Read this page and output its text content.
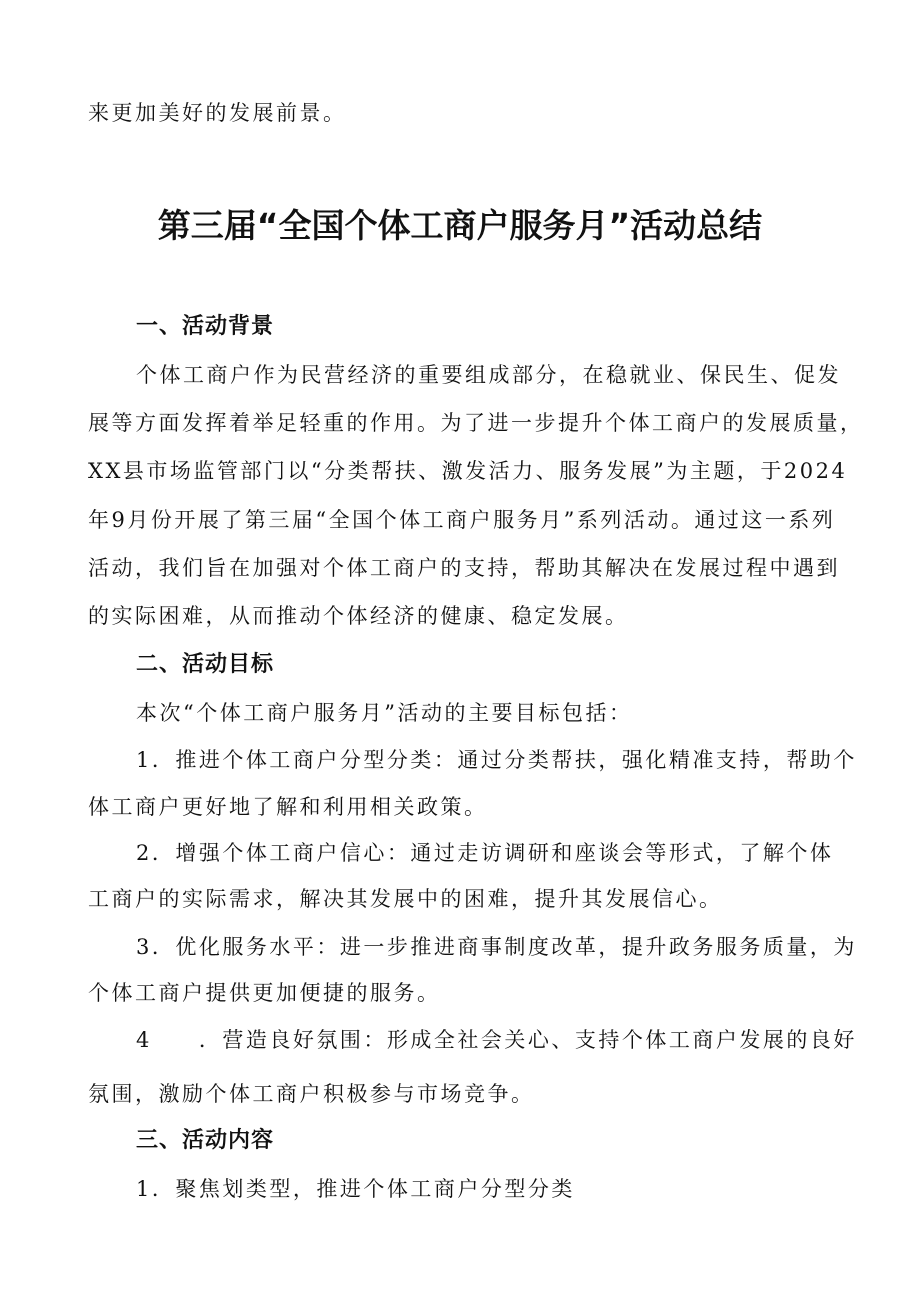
来更加美好的发展前景。

第三届“全国个体工商户服务月”活动总结
一、活动背景

个体工商户作为民营经济的重要组成部分，在稳就业、保民生、促发

展等方面发挥着举足轻重的作用。为了进一步提升个体工商户的发展质量，

XX县市场监管部门以“分类帮扶、激发活力、服务发展”为主题，于2024

年9月份开展了第三届“全国个体工商户服务月”系列活动。通过这一系列

活动，我们旨在加强对个体工商户的支持，帮助其解决在发展过程中遇到

的实际困难，从而推动个体经济的健康、稳定发展。

二、活动目标

本次“个体工商户服务月”活动的主要目标包括：

1．推进个体工商户分型分类：通过分类帮扶，强化精准支持，帮助个

体工商户更好地了解和利用相关政策。

2．增强个体工商户信心：通过走访调研和座谈会等形式，了解个体

工商户的实际需求，解决其发展中的困难，提升其发展信心。

3．优化服务水平：进一步推进商事制度改革，提升政务服务质量，为

个体工商户提供更加便捷的服务。

4　　．营造良好氛围：形成全社会关心、支持个体工商户发展的良好

氛围，激励个体工商户积极参与市场竞争。

三、活动内容

1．聚焦划类型，推进个体工商户分型分类
